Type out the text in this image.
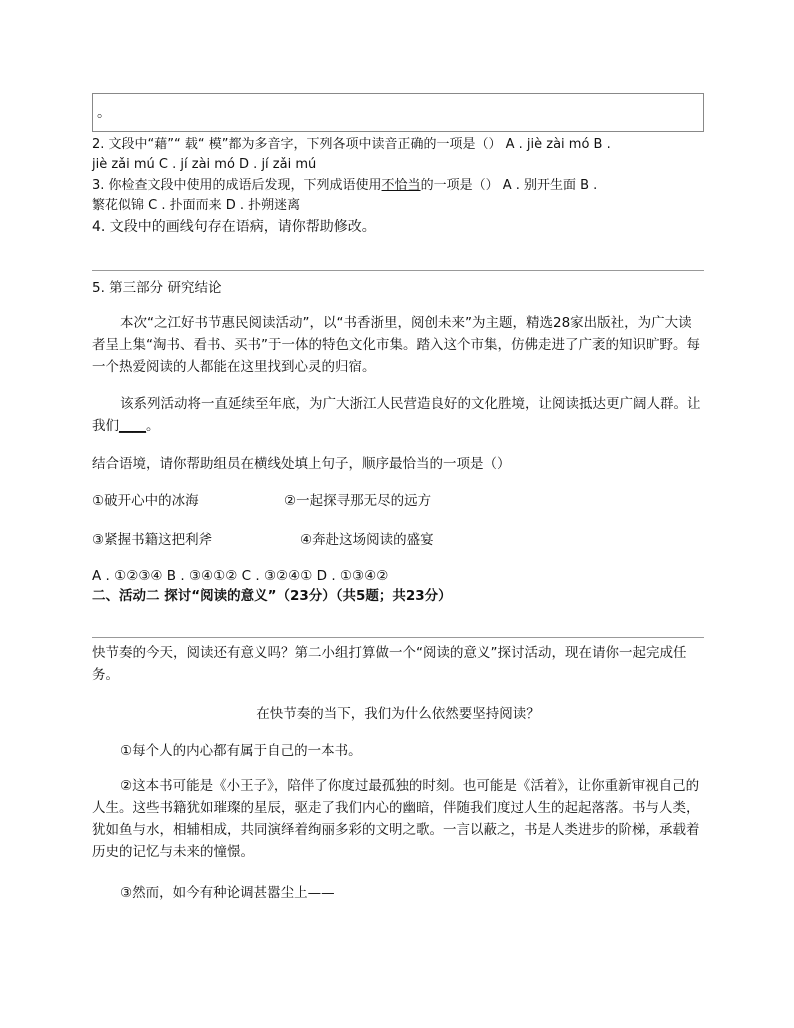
。
2. 文段中“藉”“ 载“ 模”都为多音字，下列各项中读音正确的一项是（） A . jiè zài mó B .
jiè zǎi mú C . jí zài mó D . jí zǎi mú
3. 你检查文段中使用的成语后发现，下列成语使用不恰当的一项是（） A . 别开生面 B .
繁花似锦 C . 扑面而来 D . 扑朔迷离
4. 文段中的画线句存在语病，请你帮助修改。
5. 第三部分 研究结论
本次“之江好书节惠民阅读活动”，以“书香浙里，阅创未来”为主题，精选28家出版社，为广大读者呈上集“淘书、看书、买书”于一体的特色文化市集。踏入这个市集，仿佛走进了广袤的知识旷野。每一个热爱阅读的人都能在这里找到心灵的归宿。
该系列活动将一直延续至年底，为广大浙江人民营造良好的文化胜境，让阅读抵达更广阔人群。让我们____。
结合语境，请你帮助组员在横线处填上句子，顺序最恰当的一项是（）
①破开心中的冰海	②一起探寻那无尽的远方
③紧握书籍这把利斧	④奔赴这场阅读的盛宴
A . ①②③④ B . ③④①② C . ③②④① D . ①③④②
二、活动二 探讨“阅读的意义”（23分）（共5题；共23分）
快节奏的今天，阅读还有意义吗？第二小组打算做一个“阅读的意义”探讨活动，现在请你一起完成任务。
在快节奏的当下，我们为什么依然要坚持阅读？
①每个人的内心都有属于自己的一本书。
②这本书可能是《小王子》，陪伴了你度过最孤独的时刻。也可能是《活着》，让你重新审视自己的人生。这些书籍犹如璀璨的星辰，驱走了我们内心的幽暗，伴随我们度过人生的起起落落。书与人类，犹如鱼与水，相辅相成，共同演绎着绚丽多彩的文明之歌。一言以蔽之，书是人类进步的阶梯，承载着历史的记忆与未来的憧憬。
③然而，如今有种论调甚嚣尘上——
